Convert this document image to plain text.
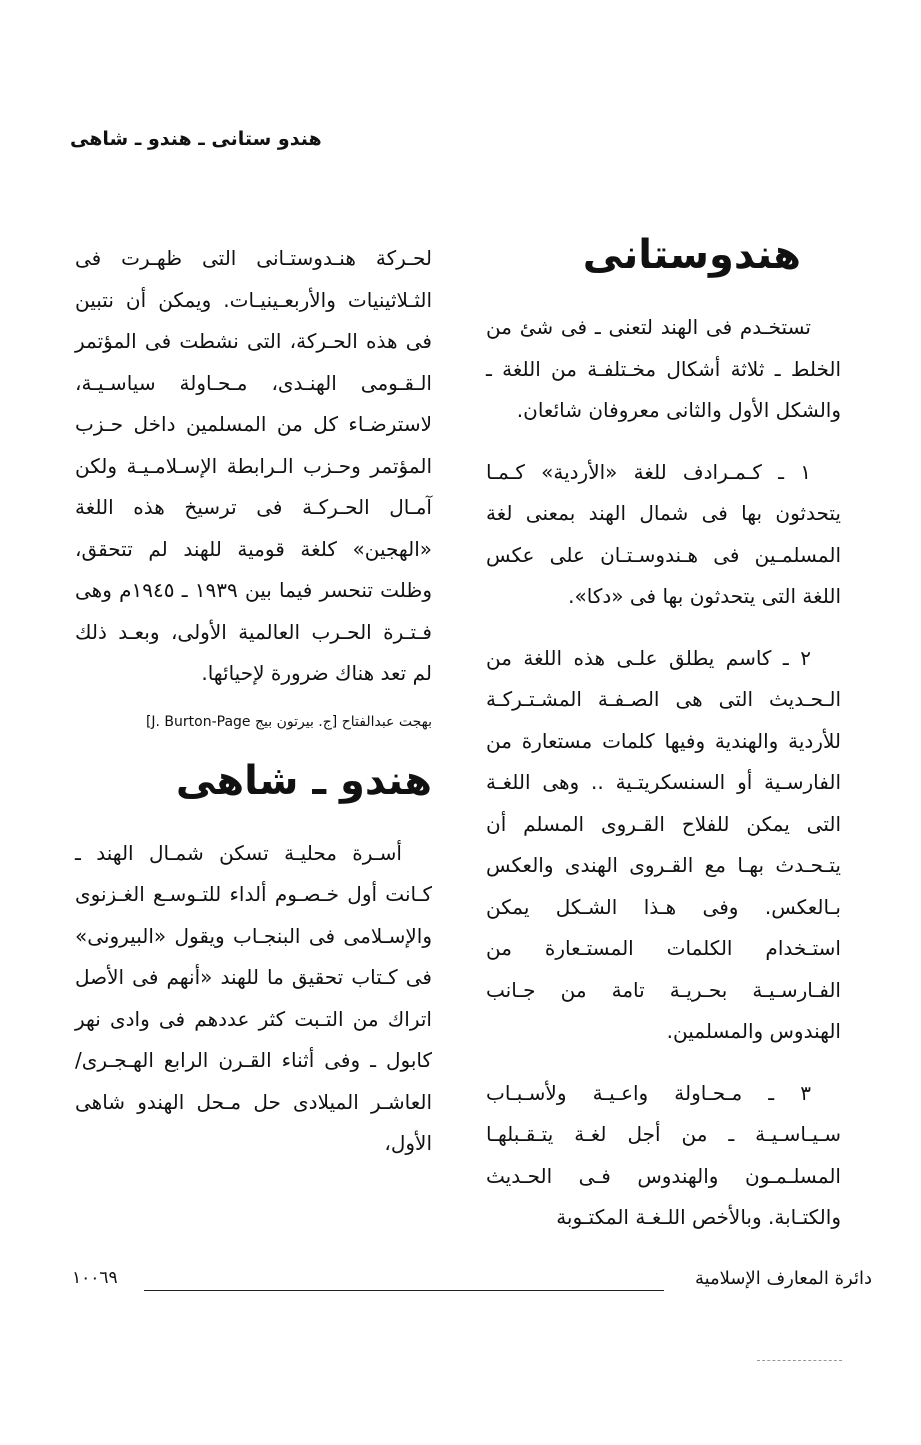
هندو ستانى ـ هندو ـ شاهى
هندوستانى

تستخـدم فى الهند لتعنى ـ فى شئ من الخلط ـ ثلاثة أشكال مخـتلفـة من اللغة ـ والشكل الأول والثانى معروفان شائعان.

١ ـ كـمـرادف للغة «الأردية» كـمـا يتحدثون بها فى شمال الهند بمعنى لغة المسلمـين فى هـندوسـتـان على عكس اللغة التى يتحدثون بها فى «دكا».

٢ ـ كاسم يطلق علـى هذه اللغة من الـحـديث التى هى الصـفـة المشـتـركـة للأردية والهندية وفيها كلمات مستعارة من الفارسـية أو السنسكريتـية .. وهى اللغـة التى يمكن للفلاح القـروى المسلم أن يتـحـدث بهـا مع القـروى الهندى والعكس بـالعكس. وفى هـذا الشـكل يمكن استـخدام الكلمات المستـعارة من الفـارسـيـة بحـريـة تامة من جـانب الهندوس والمسلمين.

٣ ـ مـحـاولة واعـيـة ولأسـبـاب سـيـاسـيـة ـ من أجل لغـة يتـقـبلهـا المسلـمـون والهندوس فـى الحـديث والكتـابة. وبالأخص اللـغـة المكتـوبة

لحـركة هنـدوستـانى التى ظهـرت فى الثـلاثينيات والأربعـينيـات. ويمكن أن نتبين فى هذه الحـركة، التى نشطت فى المؤتمر الـقـومى الهنـدى، مـحـاولة سياسـيـة، لاسترضـاء كل من المسلمين داخل حـزب المؤتمر وحـزب الـرابطة الإسـلامـيـة ولكن آمـال الحـركـة فى ترسيخ هذه اللغة «الهجين» كلغة قومية للهند لم تتحقق، وظلت تنحسر فيما بين ١٩٣٩ ـ ١٩٤٥م وهى فـتـرة الحـرب العالمية الأولى، وبعـد ذلك لم تعد هناك ضرورة لإحيائها.

بهجت عبدالفتاح [ج. بيرتون بيج J. Burton-Page]
هندو ـ شاهى

أسـرة محليـة تسكن شمـال الهند ـ كـانت أول خـصـوم ألداء للتـوسـع الغـزنوى والإسـلامى فى البنجـاب ويقول «البيرونى» فى كـتاب تحقيق ما للهند «أنهم فى الأصل اتراك من التـبت كثر عددهم فى وادى نهر كابول ـ وفى أثناء القـرن الرابع الهـجـرى/ العاشـر الميلادى حل مـحل الهندو شاهى الأول،

دائرة المعارف الإسلامية
١٠٠٦٩
